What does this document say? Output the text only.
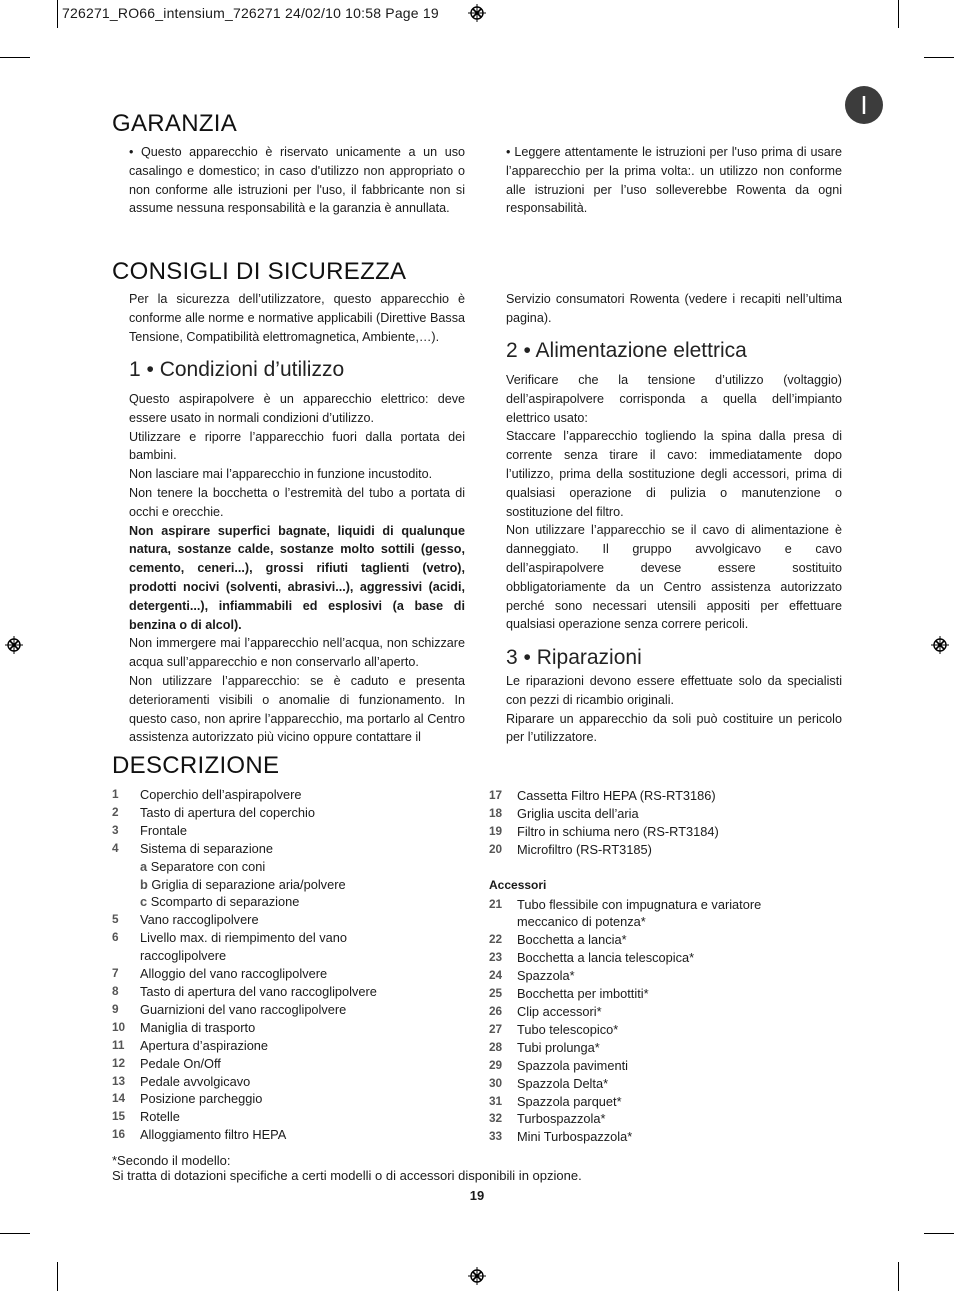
726271_RO66_intensium_726271 24/02/10 10:58 Page 19
I
GARANZIA

• Questo apparecchio è riservato unicamente a un uso casalingo e domestico; in caso d'utilizzo non appropriato o non conforme alle istruzioni per l'uso, il fabbricante non si assume nessuna responsabilità e la garanzia è annullata.

• Leggere attentamente le istruzioni per l'uso prima di usare l’apparecchio per la prima volta:. un utilizzo non conforme alle istruzioni per l’uso solleverebbe Rowenta da ogni responsabilità.

CONSIGLI DI SICUREZZA

Per la sicurezza dell’utilizzatore, questo apparecchio è conforme alle norme e normative applicabili (Direttive Bassa Tensione, Compatibilità elettromagnetica, Ambiente,…).

1 • Condizioni d’utilizzo

Questo aspirapolvere è un apparecchio elettrico: deve essere usato in normali condizioni d’utilizzo.

Utilizzare e riporre l’apparecchio fuori dalla portata dei bambini.

Non lasciare mai l’apparecchio in funzione incustodito.

Non tenere la bocchetta o l’estremità del tubo a portata di occhi e orecchie.

Non aspirare superfici bagnate, liquidi di qualunque natura, sostanze calde, sostanze molto sottili (gesso, cemento, ceneri...), grossi rifiuti taglienti (vetro), prodotti nocivi (solventi, abrasivi...), aggressivi (acidi, detergenti...), infiammabili ed esplosivi (a base di benzina o di alcol).

Non immergere mai l’apparecchio nell’acqua, non schizzare acqua sull’apparecchio e non conservarlo all’aperto.

Non utilizzare l’apparecchio: se è caduto e presenta deterioramenti visibili o anomalie di funzionamento. In questo caso, non aprire l’apparecchio, ma portarlo al Centro assistenza autorizzato più vicino oppure contattare il

Servizio consumatori Rowenta (vedere i recapiti nell’ultima pagina).

2 • Alimentazione elettrica

Verificare che la tensione d’utilizzo (voltaggio) dell’aspirapolvere corrisponda a quella dell’impianto elettrico usato:

Staccare l’apparecchio togliendo la spina dalla presa di corrente senza tirare il cavo: immediatamente dopo l’utilizzo, prima della sostituzione degli accessori, prima di qualsiasi operazione di pulizia o manutenzione o sostituzione del filtro.

Non utilizzare l’apparecchio se il cavo di alimentazione è danneggiato. Il gruppo avvolgicavo e cavo dell’aspirapolvere devese essere sostituito obbligatoriamente da un Centro assistenza autorizzato perché sono necessari utensili appositi per effettuare qualsiasi operazione senza correre pericoli.

3 • Riparazioni

Le riparazioni devono essere effettuate solo da specialisti con pezzi di ricambio originali.

Riparare un apparecchio da soli può costituire un pericolo per l’utilizzatore.

DESCRIZIONE
1	Coperchio dell’aspirapolvere
2	Tasto di apertura del coperchio
3	Frontale
4	Sistema di separazione
a Separatore con coni
b Griglia di separazione aria/polvere
c Scomparto di separazione
5	Vano raccoglipolvere
6	Livello max. di riempimento del vano raccoglipolvere
7	Alloggio del vano raccoglipolvere
8	Tasto di apertura del vano raccoglipolvere
9	Guarnizioni del vano raccoglipolvere
10	Maniglia di trasporto
11	Apertura d’aspirazione
12	Pedale On/Off
13	Pedale avvolgicavo
14	Posizione parcheggio
15	Rotelle
16	Alloggiamento filtro HEPA
17	Cassetta Filtro HEPA (RS-RT3186)
18	Griglia uscita dell’aria
19	Filtro in schiuma nero (RS-RT3184)
20	Microfiltro (RS-RT3185)
Accessori
21	Tubo flessibile con impugnatura e variatore meccanico di potenza*
22	Bocchetta a lancia*
23	Bocchetta a lancia telescopica*
24	Spazzola*
25	Bocchetta per imbottiti*
26	Clip accessori*
27	Tubo telescopico*
28	Tubi prolunga*
29	Spazzola pavimenti
30	Spazzola Delta*
31	Spazzola parquet*
32	Turbospazzola*
33	Mini Turbospazzola*
*Secondo il modello:
Si tratta di dotazioni specifiche a certi modelli o di accessori disponibili in opzione.
19
